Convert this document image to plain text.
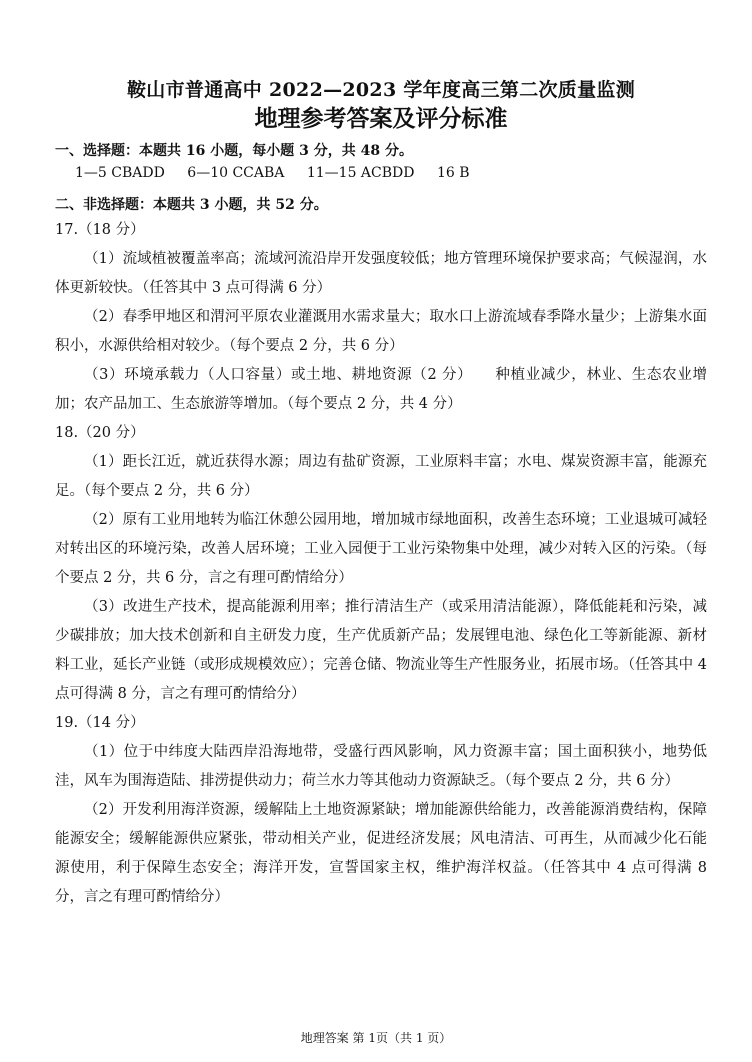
鞍山市普通高中 2022—2023 学年度高三第二次质量监测
地理参考答案及评分标准

一、选择题：本题共 16 小题，每小题 3 分，共 48 分。

1—5 CBADD 6—10 CCABA 11—15 ACBDD 16 B

二、非选择题：本题共 3 小题，共 52 分。

17.（18 分）

（1）流域植被覆盖率高；流域河流沿岸开发强度较低；地方管理环境保护要求高；气候湿润，水体更新较快。（任答其中 3 点可得满 6 分）

（2）春季甲地区和渭河平原农业灌溉用水需求量大；取水口上游流域春季降水量少；上游集水面积小，水源供给相对较少。（每个要点 2 分，共 6 分）

（3）环境承载力（人口容量）或土地、耕地资源（2 分）　　种植业减少，林业、生态农业增加；农产品加工、生态旅游等增加。（每个要点 2 分，共 4 分）

18.（20 分）

（1）距长江近，就近获得水源；周边有盐矿资源，工业原料丰富；水电、煤炭资源丰富，能源充足。（每个要点 2 分，共 6 分）

（2）原有工业用地转为临江休憩公园用地，增加城市绿地面积，改善生态环境；工业退城可减轻对转出区的环境污染，改善人居环境；工业入园便于工业污染物集中处理，减少对转入区的污染。（每个要点 2 分，共 6 分，言之有理可酌情给分）

（3）改进生产技术，提高能源利用率；推行清洁生产（或采用清洁能源），降低能耗和污染，减少碳排放；加大技术创新和自主研发力度，生产优质新产品；发展锂电池、绿色化工等新能源、新材料工业，延长产业链（或形成规模效应）；完善仓储、物流业等生产性服务业，拓展市场。（任答其中 4 点可得满 8 分，言之有理可酌情给分）

19.（14 分）

（1）位于中纬度大陆西岸沿海地带，受盛行西风影响，风力资源丰富；国土面积狭小，地势低洼，风车为围海造陆、排涝提供动力；荷兰水力等其他动力资源缺乏。（每个要点 2 分，共 6 分）

（2）开发利用海洋资源，缓解陆上土地资源紧缺；增加能源供给能力，改善能源消费结构，保障能源安全；缓解能源供应紧张，带动相关产业，促进经济发展；风电清洁、可再生，从而减少化石能源使用，利于保障生态安全；海洋开发，宣誓国家主权，维护海洋权益。（任答其中 4 点可得满 8 分，言之有理可酌情给分）

地理答案 第 1页（共 1 页）
